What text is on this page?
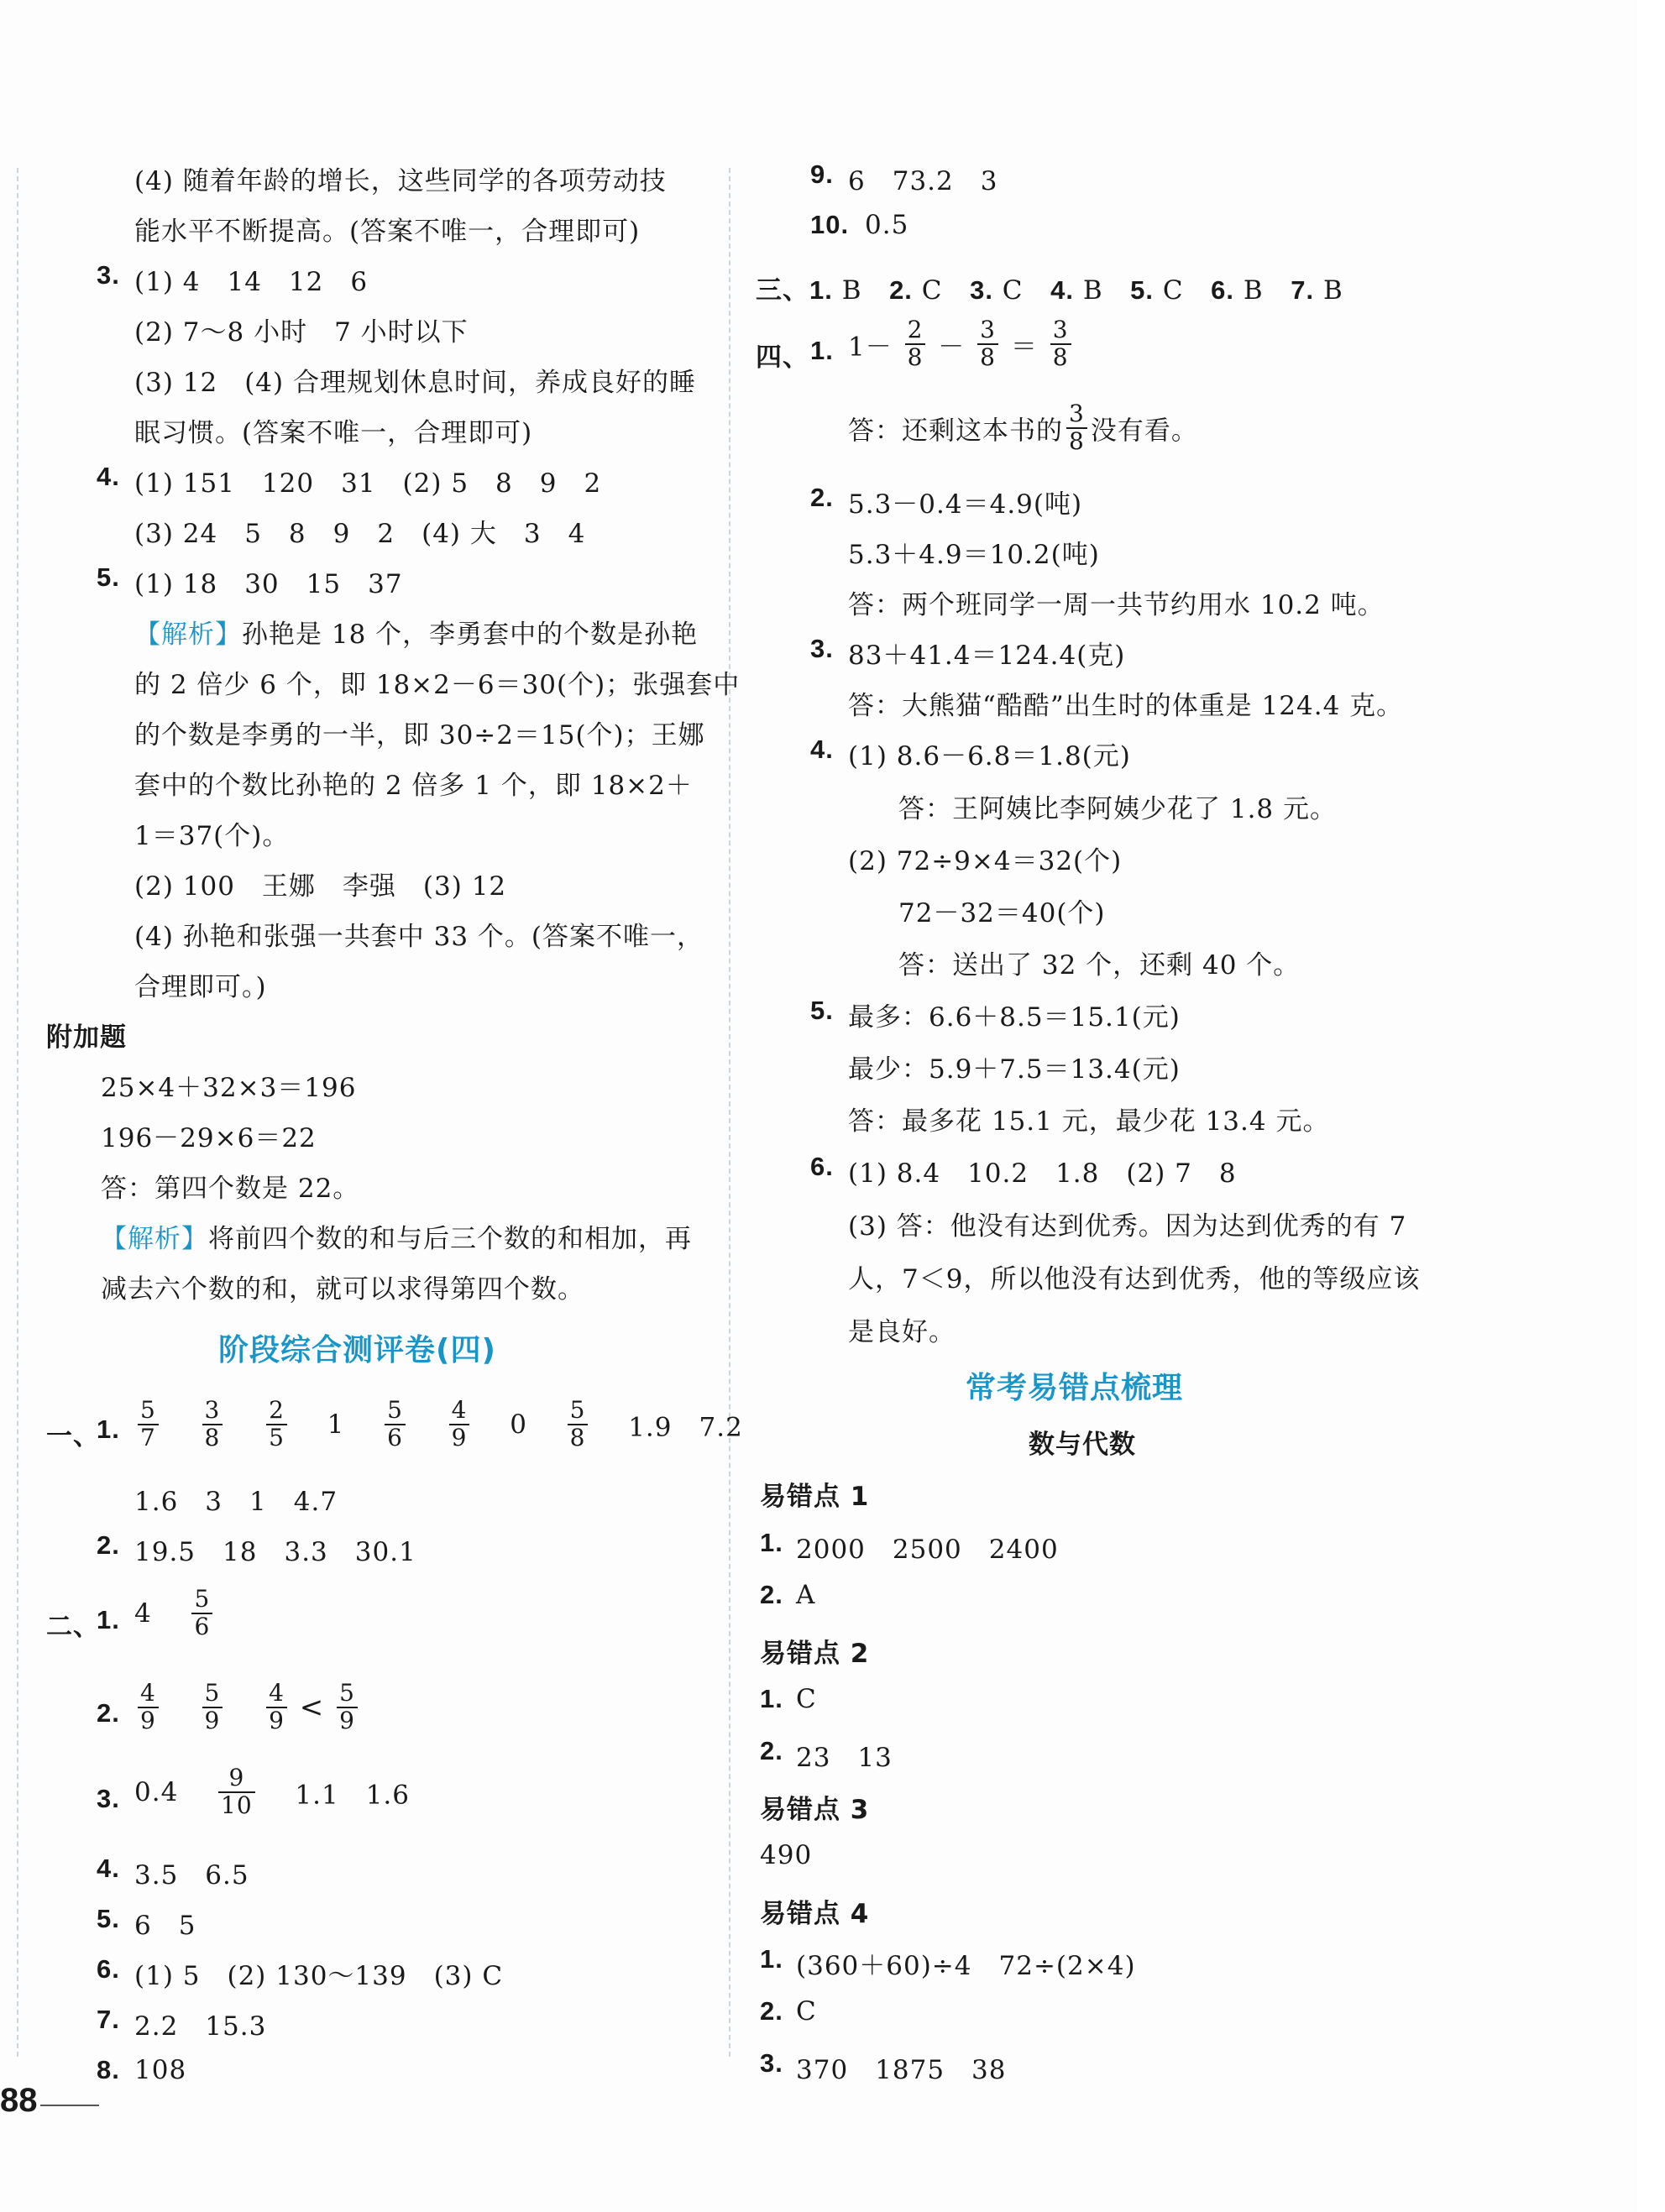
(4) 随着年龄的增长，这些同学的各项劳动技
能水平不断提高。(答案不唯一，合理即可)
3. (1) 4　14　12　6
(2) 7～8 小时　7 小时以下
(3) 12　(4) 合理规划休息时间，养成良好的睡
眠习惯。(答案不唯一，合理即可)
4. (1) 151　120　31　(2) 5　8　9　2
(3) 24　5　8　9　2　(4) 大　3　4
5. (1) 18　30　15　37
【解析】孙艳是 18 个，李勇套中的个数是孙艳
的 2 倍少 6 个，即 18×2－6＝30(个)；张强套中
的个数是李勇的一半，即 30÷2＝15(个)；王娜
套中的个数比孙艳的 2 倍多 1 个，即 18×2＋
1＝37(个)。
(2) 100　王娜　李强　(3) 12
(4) 孙艳和张强一共套中 33 个。(答案不唯一，
合理即可。)
附加题
25×4＋32×3＝196
196－29×6＝22
答：第四个数是 22。
【解析】将前四个数的和与后三个数的和相加，再
减去六个数的和，就可以求得第四个数。
阶段综合测评卷(四)
一、
1. $\frac{5}{7}$
$\frac{3}{8}$
$\frac{2}{5} 1 \frac{5}{6}$
$\frac{4}{9} 0 \frac{5}{8} 1.9$　7.2
1.6　3　1　4.7
2. 19.5　18　3.3　30.1
二、
1. $4 \frac{5}{6}$
2. $\frac{4}{9}$
$\frac{5}{9}$
$\frac{4}{9} < \frac{5}{9}$
3. $0.4 \frac{9}{10} 1.1$　1.6
4. 3.5　6.5
5. 6　5
6. (1) 5　(2) 130～139　(3) C
7. 2.2　15.3
8. 108
9. 6　73.2　3
10. 0.5
三、1. B 2. C 3. C 4. B 5. C 6. B 7. B
四、 1. $1- \frac{2}{8} - \frac{3}{8} = \frac{3}{8}$
答：还剩这本书的 $\frac{3}{8}$ 没有看。
2. 5.3－0.4＝4.9(吨)
5.3＋4.9＝10.2(吨)
答：两个班同学一周一共节约用水 10.2 吨。
3. 83＋41.4＝124.4(克)
答：大熊猫“酷酷”出生时的体重是 124.4 克。
4. (1) 8.6－6.8＝1.8(元)
答：王阿姨比李阿姨少花了 1.8 元。
(2) 72÷9×4＝32(个)
72－32＝40(个)
答：送出了 32 个，还剩 40 个。
5. 最多：6.6＋8.5＝15.1(元)
最少：5.9＋7.5＝13.4(元)
答：最多花 15.1 元，最少花 13.4 元。
6. (1) 8.4　10.2　1.8　(2) 7　8
(3) 答：他没有达到优秀。因为达到优秀的有 7
人，7＜9，所以他没有达到优秀，他的等级应该
是良好。
常考易错点梳理
数与代数
易错点 1
1. 2000　2500　2400
2. A
易错点 2
1. C
2. 23　13
易错点 3
490
易错点 4
1. (360＋60)÷4　72÷(2×4)
2. C
3. 370　1875　38
88
